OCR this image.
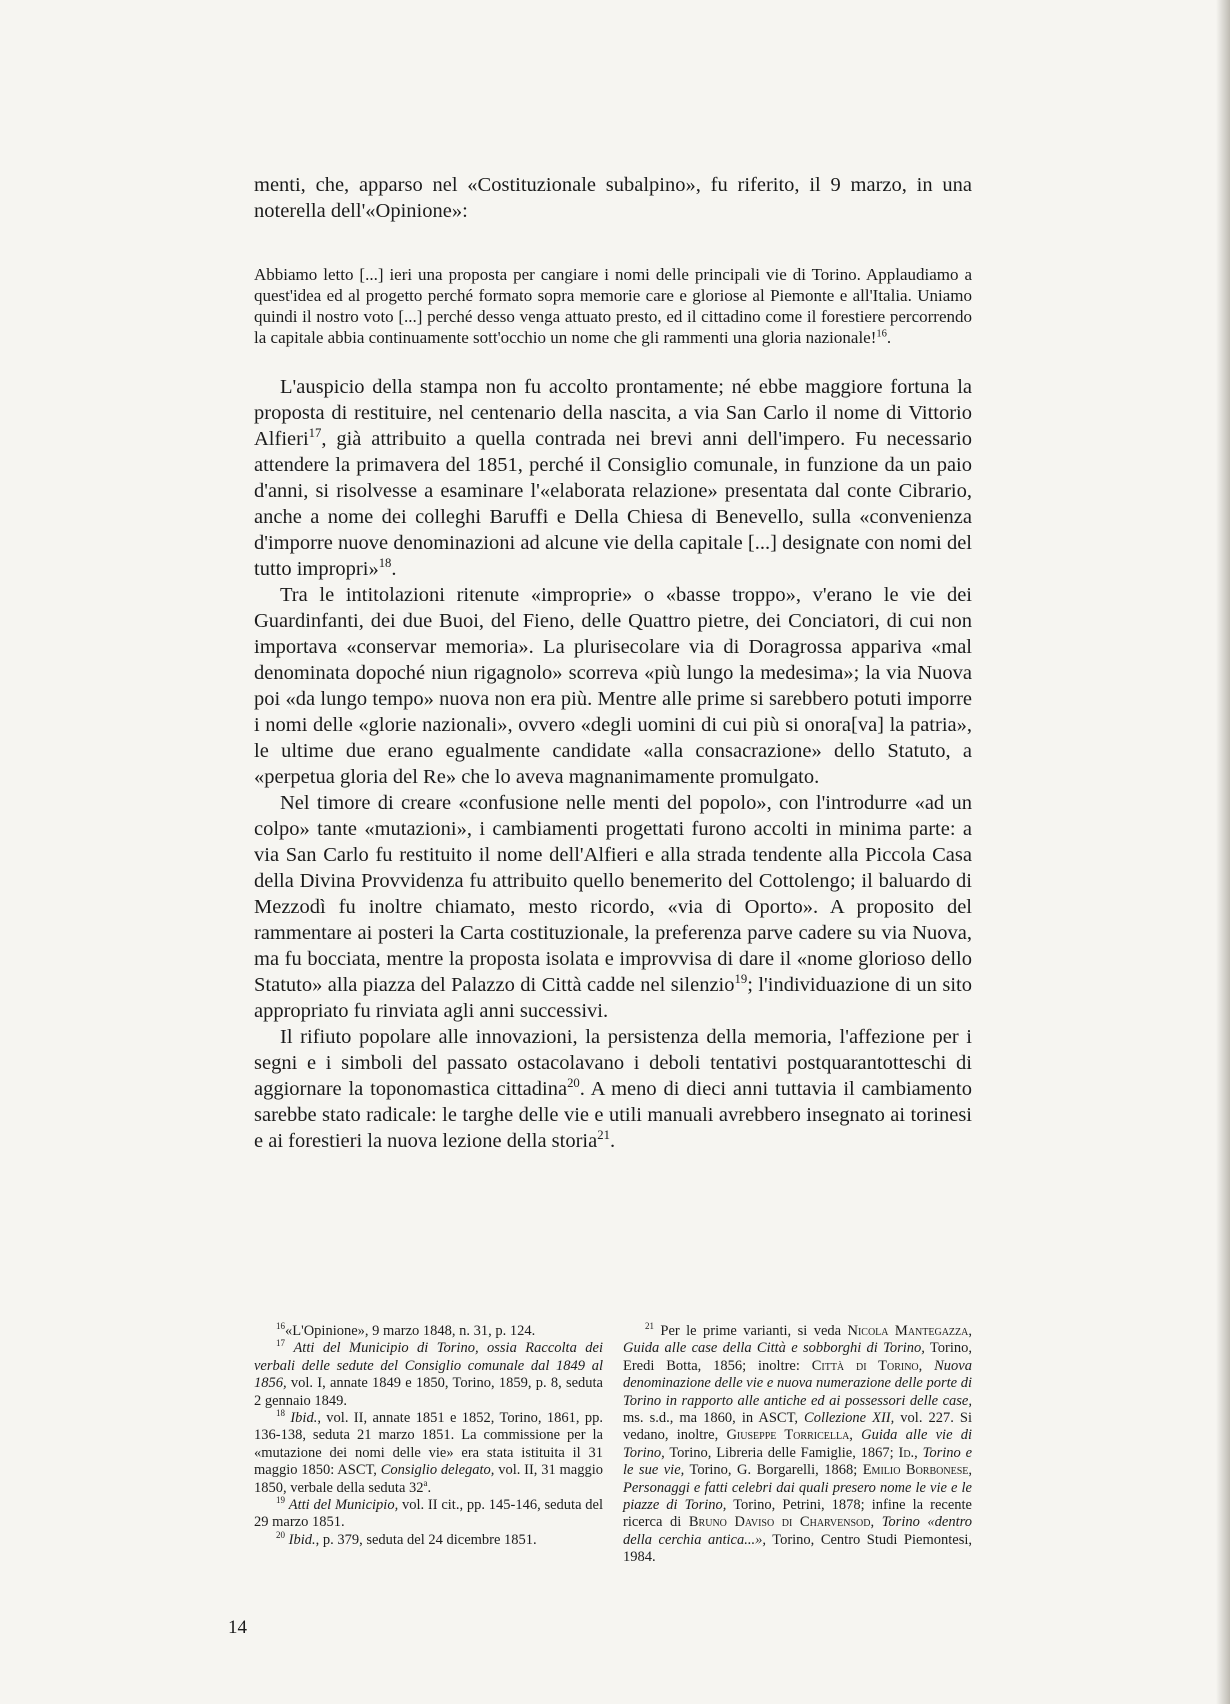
menti, che, apparso nel «Costituzionale subalpino», fu riferito, il 9 marzo, in una noterella dell'«Opinione»:

Abbiamo letto [...] ieri una proposta per cangiare i nomi delle principali vie di Torino. Applaudiamo a quest'idea ed al progetto perché formato sopra memorie care e gloriose al Piemonte e all'Italia. Uniamo quindi il nostro voto [...] perché desso venga attuato presto, ed il cittadino come il forestiere percorrendo la capitale abbia continuamente sott'occhio un nome che gli rammenti una gloria nazionale!$^{16}$.

L'auspicio della stampa non fu accolto prontamente; né ebbe maggiore fortuna la proposta di restituire, nel centenario della nascita, a via San Carlo il nome di Vittorio Alfieri$^{17}$, già attribuito a quella contrada nei brevi anni dell'impero. Fu necessario attendere la primavera del 1851, perché il Consiglio comunale, in funzione da un paio d'anni, si risolvesse a esaminare l'«elaborata relazione» presentata dal conte Cibrario, anche a nome dei colleghi Baruffi e Della Chiesa di Benevello, sulla «convenienza d'imporre nuove denominazioni ad alcune vie della capitale [...] designate con nomi del tutto impropri»$^{18}$.

Tra le intitolazioni ritenute «improprie» o «basse troppo», v'erano le vie dei Guardinfanti, dei due Buoi, del Fieno, delle Quattro pietre, dei Conciatori, di cui non importava «conservar memoria». La plurisecolare via di Doragrossa appariva «mal denominata dopoché niun rigagnolo» scorreva «più lungo la medesima»; la via Nuova poi «da lungo tempo» nuova non era più. Mentre alle prime si sarebbero potuti imporre i nomi delle «glorie nazionali», ovvero «degli uomini di cui più si onora[va] la patria», le ultime due erano egualmente candidate «alla consacrazione» dello Statuto, a «perpetua gloria del Re» che lo aveva magnanimamente promulgato.

Nel timore di creare «confusione nelle menti del popolo», con l'introdurre «ad un colpo» tante «mutazioni», i cambiamenti progettati furono accolti in minima parte: a via San Carlo fu restituito il nome dell'Alfieri e alla strada tendente alla Piccola Casa della Divina Provvidenza fu attribuito quello benemerito del Cottolengo; il baluardo di Mezzodì fu inoltre chiamato, mesto ricordo, «via di Oporto». A proposito del rammentare ai posteri la Carta costituzionale, la preferenza parve cadere su via Nuova, ma fu bocciata, mentre la proposta isolata e improvvisa di dare il «nome glorioso dello Statuto» alla piazza del Palazzo di Città cadde nel silenzio$^{19}$; l'individuazione di un sito appropriato fu rinviata agli anni successivi.

Il rifiuto popolare alle innovazioni, la persistenza della memoria, l'affezione per i segni e i simboli del passato ostacolavano i deboli tentativi postquarantotteschi di aggiornare la toponomastica cittadina$^{20}$. A meno di dieci anni tuttavia il cambiamento sarebbe stato radicale: le targhe delle vie e utili manuali avrebbero insegnato ai torinesi e ai forestieri la nuova lezione della storia$^{21}$.

$^{16}$«L'Opinione», 9 marzo 1848, n. 31, p. 124.

$^{17}$ Atti del Municipio di Torino, ossia Raccolta dei verbali delle sedute del Consiglio comunale dal 1849 al 1856, vol. I, annate 1849 e 1850, Torino, 1859, p. 8, seduta 2 gennaio 1849.

$^{18}$ Ibid., vol. II, annate 1851 e 1852, Torino, 1861, pp. 136-138, seduta 21 marzo 1851. La commissione per la «mutazione dei nomi delle vie» era stata istituita il 31 maggio 1850: ASCT, Consiglio delegato, vol. II, 31 maggio 1850, verbale della seduta 32$^a$.

$^{19}$ Atti del Municipio, vol. II cit., pp. 145-146, seduta del 29 marzo 1851.

$^{20}$ Ibid., p. 379, seduta del 24 dicembre 1851.

$^{21}$ Per le prime varianti, si veda Nicola Mantegazza, Guida alle case della Città e sobborghi di Torino, Torino, Eredi Botta, 1856; inoltre: Città di Torino, Nuova denominazione delle vie e nuova numerazione delle porte di Torino in rapporto alle antiche ed ai possessori delle case, ms. s.d., ma 1860, in ASCT, Collezione XII, vol. 227. Si vedano, inoltre, Giuseppe Torricella, Guida alle vie di Torino, Torino, Libreria delle Famiglie, 1867; Id., Torino e le sue vie, Torino, G. Borgarelli, 1868; Emilio Borbonese, Personaggi e fatti celebri dai quali presero nome le vie e le piazze di Torino, Torino, Petrini, 1878; infine la recente ricerca di Bruno Daviso di Charvensod, Torino «dentro della cerchia antica...», Torino, Centro Studi Piemontesi, 1984.

14
